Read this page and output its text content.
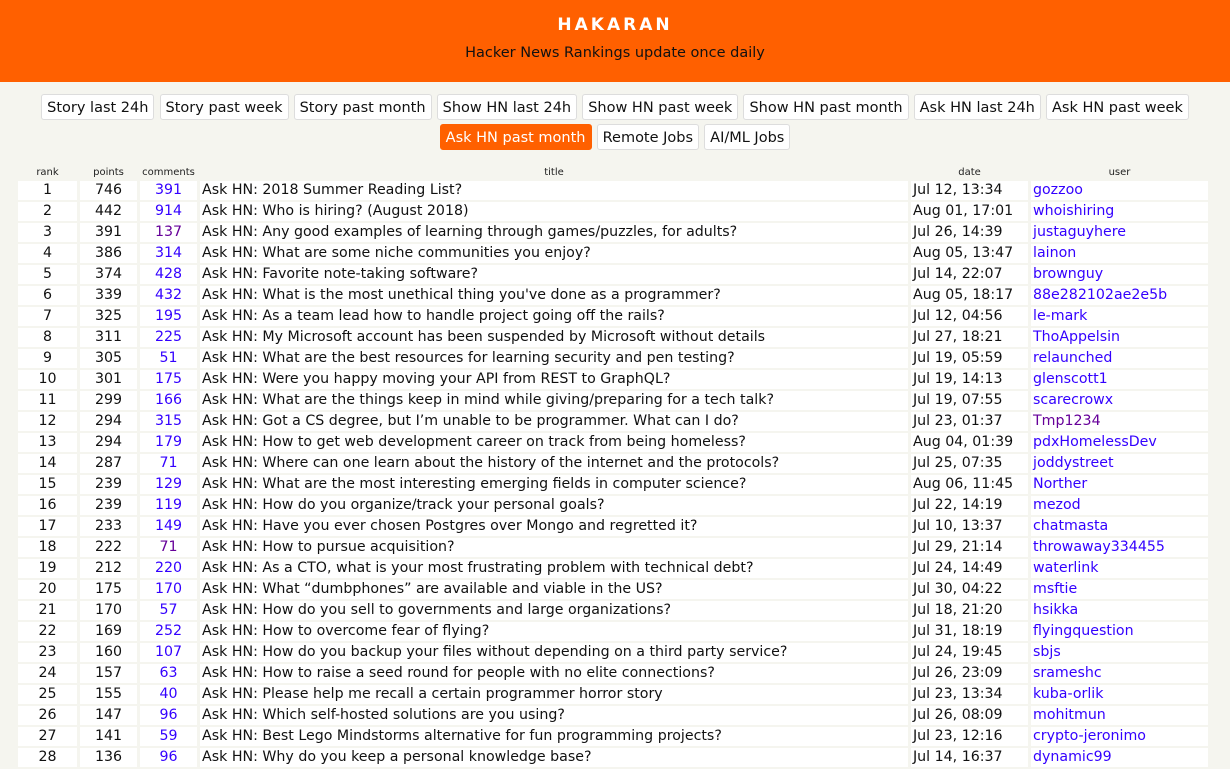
HAKARAN
Hacker News Rankings update once daily
Story last 24h Story past week Story past month Show HN last 24h Show HN past week Show HN past month Ask HN last 24h Ask HN past week
Ask HN past month Remote Jobs AI/ML Jobs
rank	points	comments	title	date	user
1	746	391	Ask HN: 2018 Summer Reading List?	Jul 12, 13:34	gozzoo
2	442	914	Ask HN: Who is hiring? (August 2018)	Aug 01, 17:01	whoishiring
3	391	137	Ask HN: Any good examples of learning through games/puzzles, for adults?	Jul 26, 14:39	justaguyhere
4	386	314	Ask HN: What are some niche communities you enjoy?	Aug 05, 13:47	lainon
5	374	428	Ask HN: Favorite note-taking software?	Jul 14, 22:07	brownguy
6	339	432	Ask HN: What is the most unethical thing you've done as a programmer?	Aug 05, 18:17	88e282102ae2e5b
7	325	195	Ask HN: As a team lead how to handle project going off the rails?	Jul 12, 04:56	le-mark
8	311	225	Ask HN: My Microsoft account has been suspended by Microsoft without details	Jul 27, 18:21	ThoAppelsin
9	305	51	Ask HN: What are the best resources for learning security and pen testing?	Jul 19, 05:59	relaunched
10	301	175	Ask HN: Were you happy moving your API from REST to GraphQL?	Jul 19, 14:13	glenscott1
11	299	166	Ask HN: What are the things keep in mind while giving/preparing for a tech talk?	Jul 19, 07:55	scarecrowx
12	294	315	Ask HN: Got a CS degree, but I’m unable to be programmer. What can I do?	Jul 23, 01:37	Tmp1234
13	294	179	Ask HN: How to get web development career on track from being homeless?	Aug 04, 01:39	pdxHomelessDev
14	287	71	Ask HN: Where can one learn about the history of the internet and the protocols?	Jul 25, 07:35	joddystreet
15	239	129	Ask HN: What are the most interesting emerging fields in computer science?	Aug 06, 11:45	Norther
16	239	119	Ask HN: How do you organize/track your personal goals?	Jul 22, 14:19	mezod
17	233	149	Ask HN: Have you ever chosen Postgres over Mongo and regretted it?	Jul 10, 13:37	chatmasta
18	222	71	Ask HN: How to pursue acquisition?	Jul 29, 21:14	throwaway334455
19	212	220	Ask HN: As a CTO, what is your most frustrating problem with technical debt?	Jul 24, 14:49	waterlink
20	175	170	Ask HN: What “dumbphones” are available and viable in the US?	Jul 30, 04:22	msftie
21	170	57	Ask HN: How do you sell to governments and large organizations?	Jul 18, 21:20	hsikka
22	169	252	Ask HN: How to overcome fear of flying?	Jul 31, 18:19	flyingquestion
23	160	107	Ask HN: How do you backup your files without depending on a third party service?	Jul 24, 19:45	sbjs
24	157	63	Ask HN: How to raise a seed round for people with no elite connections?	Jul 26, 23:09	srameshc
25	155	40	Ask HN: Please help me recall a certain programmer horror story	Jul 23, 13:34	kuba-orlik
26	147	96	Ask HN: Which self-hosted solutions are you using?	Jul 26, 08:09	mohitmun
27	141	59	Ask HN: Best Lego Mindstorms alternative for fun programming projects?	Jul 23, 12:16	crypto-jeronimo
28	136	96	Ask HN: Why do you keep a personal knowledge base?	Jul 14, 16:37	dynamic99
